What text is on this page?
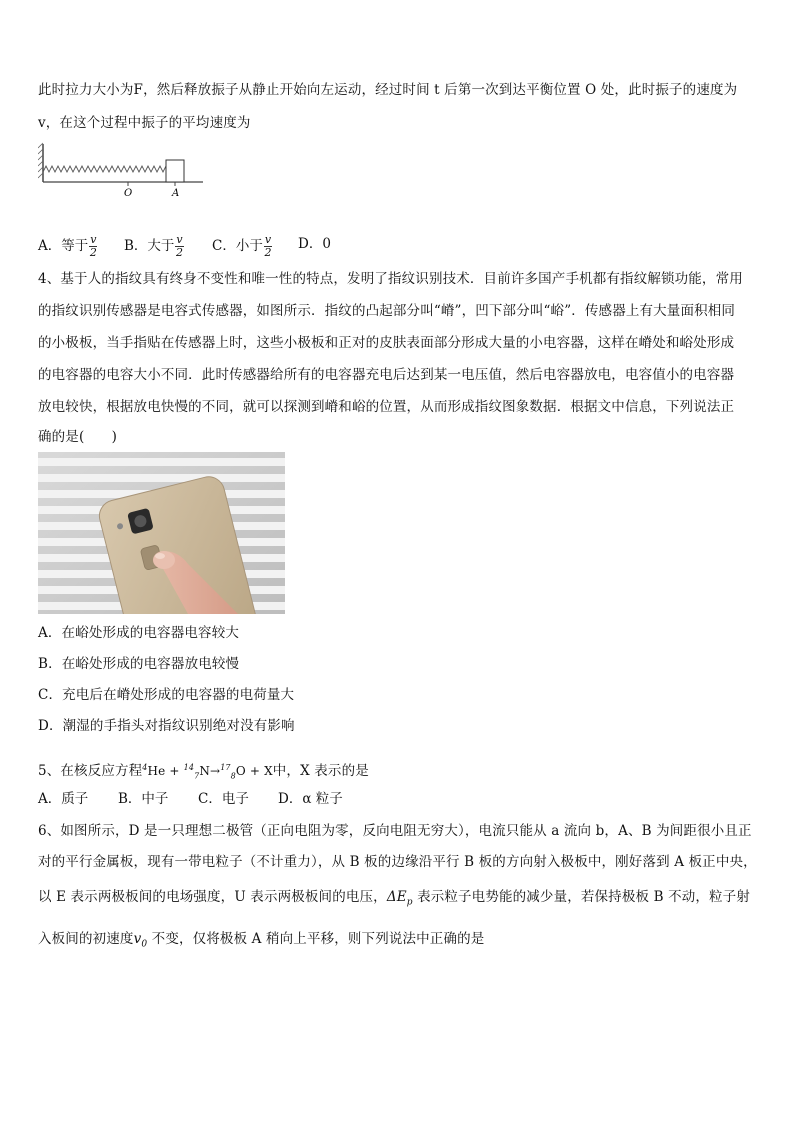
此时拉力大小为F，然后释放振子从静止开始向左运动，经过时间 t 后第一次到达平衡位置 O 处，此时振子的速度为
v，在这个过程中振子的平均速度为
O	A
A．等于 $\frac{v}{2}$ B．大于 $\frac{v}{2}$ C．小于 $\frac{v}{2}$ D．0
4、基于人的指纹具有终身不变性和唯一性的特点，发明了指纹识别技术．目前许多国产手机都有指纹解锁功能，常用
的指纹识别传感器是电容式传感器，如图所示．指纹的凸起部分叫“嵴”，凹下部分叫“峪”．传感器上有大量面积相同
的小极板，当手指贴在传感器上时，这些小极板和正对的皮肤表面部分形成大量的小电容器，这样在嵴处和峪处形成
的电容器的电容大小不同．此时传感器给所有的电容器充电后达到某一电压值，然后电容器放电，电容值小的电容器
放电较快，根据放电快慢的不同，就可以探测到嵴和峪的位置，从而形成指纹图象数据．根据文中信息，下列说法正
确的是(　　)
A．在峪处形成的电容器电容较大
B．在峪处形成的电容器放电较慢
C．充电后在嵴处形成的电容器的电荷量大
D．潮湿的手指头对指纹识别绝对没有影响
5、在核反应方程$^4$He + $^{14}_7$N→$^{17}_8$O + X中，X 表示的是
A．质子 B．中子 C．电子 D．α 粒子
6、如图所示，D 是一只理想二极管（正向电阻为零，反向电阻无穷大），电流只能从 a 流向 b，A、B 为间距很小且正
对的平行金属板，现有一带电粒子（不计重力），从 B 板的边缘沿平行 B 板的方向射入极板中，刚好落到 A 板正中央，
以 E 表示两极板间的电场强度，U 表示两极板间的电压，$\Delta E_p$ 表示粒子电势能的减少量，若保持极板 B 不动，粒子射
入板间的初速度$v_0$ 不变，仅将极板 A 稍向上平移，则下列说法中正确的是
